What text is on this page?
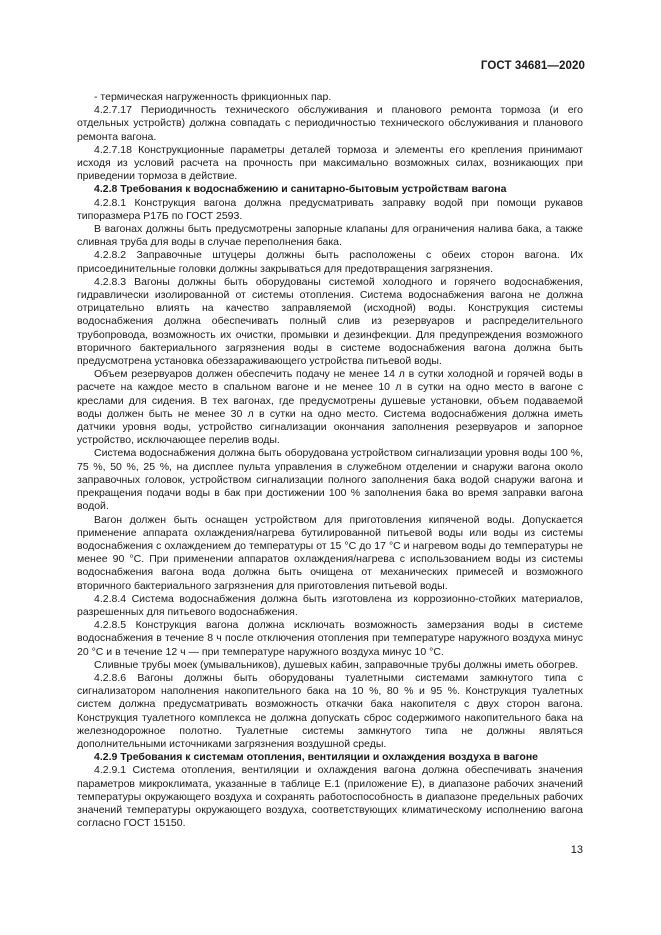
ГОСТ 34681—2020

- термическая нагруженность фрикционных пар.

4.2.7.17 Периодичность технического обслуживания и планового ремонта тормоза (и его отдельных устройств) должна совпадать с периодичностью технического обслуживания и планового ремонта вагона.

4.2.7.18 Конструкционные параметры деталей тормоза и элементы его крепления принимают исходя из условий расчета на прочность при максимально возможных силах, возникающих при приведении тормоза в действие.

4.2.8 Требования к водоснабжению и санитарно-бытовым устройствам вагона

4.2.8.1 Конструкция вагона должна предусматривать заправку водой при помощи рукавов типоразмера Р17Б по ГОСТ 2593.

В вагонах должны быть предусмотрены запорные клапаны для ограничения налива бака, а также сливная труба для воды в случае переполнения бака.

4.2.8.2 Заправочные штуцеры должны быть расположены с обеих сторон вагона. Их присоединительные головки должны закрываться для предотвращения загрязнения.

4.2.8.3 Вагоны должны быть оборудованы системой холодного и горячего водоснабжения, гидравлически изолированной от системы отопления. Система водоснабжения вагона не должна отрицательно влиять на качество заправляемой (исходной) воды. Конструкция системы водоснабжения должна обеспечивать полный слив из резервуаров и распределительного трубопровода, возможность их очистки, промывки и дезинфекции. Для предупреждения возможного вторичного бактериального загрязнения воды в системе водоснабжения вагона должна быть предусмотрена установка обеззараживающего устройства питьевой воды.

Объем резервуаров должен обеспечить подачу не менее 14 л в сутки холодной и горячей воды в расчете на каждое место в спальном вагоне и не менее 10 л в сутки на одно место в вагоне с креслами для сидения. В тех вагонах, где предусмотрены душевые установки, объем подаваемой воды должен быть не менее 30 л в сутки на одно место. Система водоснабжения должна иметь датчики уровня воды, устройство сигнализации окончания заполнения резервуаров и запорное устройство, исключающее перелив воды.

Система водоснабжения должна быть оборудована устройством сигнализации уровня воды 100 %, 75 %, 50 %, 25 %, на дисплее пульта управления в служебном отделении и снаружи вагона около заправочных головок, устройством сигнализации полного заполнения бака водой снаружи вагона и прекращения подачи воды в бак при достижении 100 % заполнения бака во время заправки вагона водой.

Вагон должен быть оснащен устройством для приготовления кипяченой воды. Допускается применение аппарата охлаждения/нагрева бутилированной питьевой воды или воды из системы водоснабжения с охлаждением до температуры от 15 °С до 17 °С и нагревом воды до температуры не менее 90 °С. При применении аппаратов охлаждения/нагрева с использованием воды из системы водоснабжения вагона вода должна быть очищена от механических примесей и возможного вторичного бактериального загрязнения для приготовления питьевой воды.

4.2.8.4 Система водоснабжения должна быть изготовлена из коррозионно-стойких материалов, разрешенных для питьевого водоснабжения.

4.2.8.5 Конструкция вагона должна исключать возможность замерзания воды в системе водоснабжения в течение 8 ч после отключения отопления при температуре наружного воздуха минус 20 °С и в течение 12 ч — при температуре наружного воздуха минус 10 °С.

Сливные трубы моек (умывальников), душевых кабин, заправочные трубы должны иметь обогрев.

4.2.8.6 Вагоны должны быть оборудованы туалетными системами замкнутого типа с сигнализатором наполнения накопительного бака на 10 %, 80 % и 95 %. Конструкция туалетных систем должна предусматривать возможность откачки бака накопителя с двух сторон вагона. Конструкция туалетного комплекса не должна допускать сброс содержимого накопительного бака на железнодорожное полотно. Туалетные системы замкнутого типа не должны являться дополнительными источниками загрязнения воздушной среды.

4.2.9 Требования к системам отопления, вентиляции и охлаждения воздуха в вагоне

4.2.9.1 Система отопления, вентиляции и охлаждения вагона должна обеспечивать значения параметров микроклимата, указанные в таблице Е.1 (приложение Е), в диапазоне рабочих значений температуры окружающего воздуха и сохранять работоспособность в диапазоне предельных рабочих значений температуры окружающего воздуха, соответствующих климатическому исполнению вагона согласно ГОСТ 15150.

13
